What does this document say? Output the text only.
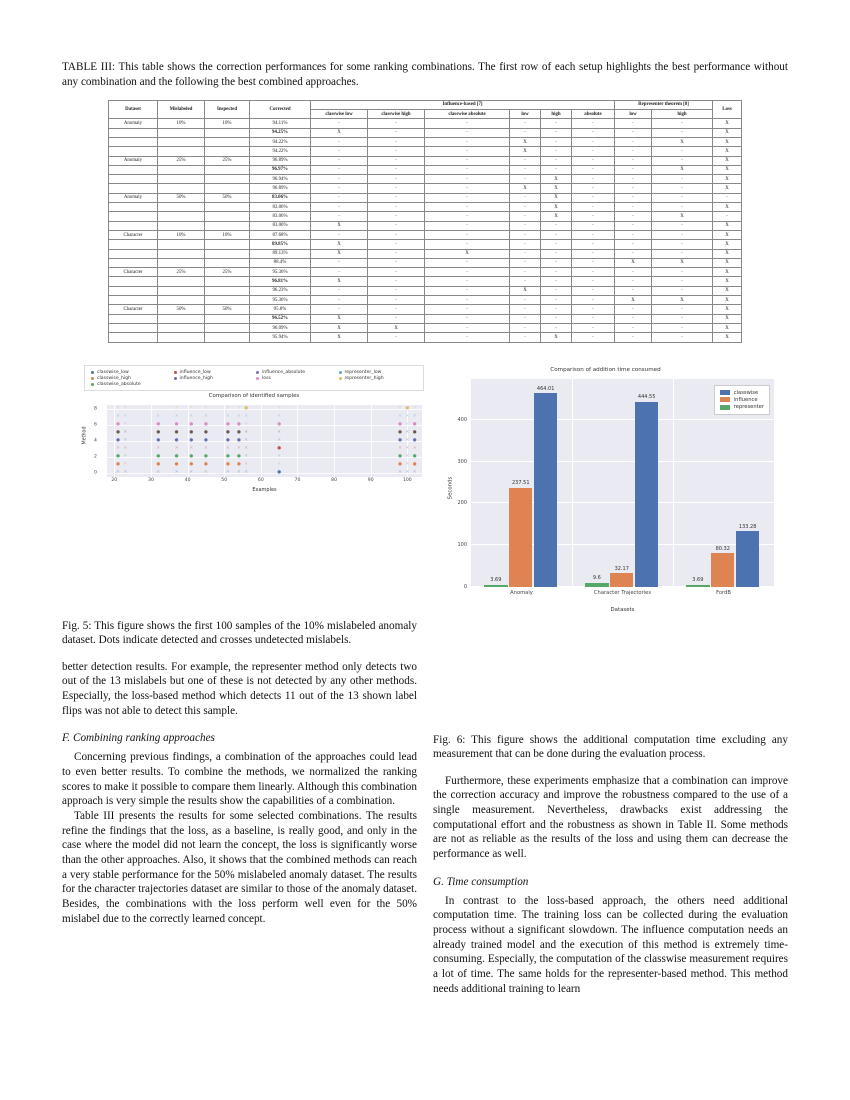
TABLE III: This table shows the correction performances for some ranking combinations. The first row of each setup highlights the best performance without any combination and the following the best combined approaches.
Dataset	Mislabeled	Inspected	Corrected	Influence-based [7]						Representer theorem [8]		Loss
				classwise low	classwise high	classwise absolute	low	high	absolute	low	high	
Anomaly	10%	10%	94.11%	-	-	-	-	-	-	-	-	X
			94.25%	X	-	-	-	-	-	-	-	X
			94.22%	-	-	-	X	-	-	-	X	X
			94.22%	-	-	-	X	-	-	-	-	X
Anomaly	25%	25%	96.89%	-	-	-	-	-	-	-	-	X
			96.97%	-	-	-	-	-	-	-	X	X
			96.94%	-	-	-	-	X	-	-	-	X
			96.89%	-	-	-	X	X	-	-	-	X
Anomaly	50%	50%	83.06%	-	-	-	-	X	-	-	-	-
			83.06%	-	-	-	-	X	-	-	-	X
			83.06%	-	-	-	-	X	-	-	X	-
			83.06%	X	-	-	-	-	-	-	-	X
Character	10%	10%	87.68%	-	-	-	-	-	-	-	-	X
			89.85%	X	-	-	-	-	-	-	-	X
			89.13%	X	-	X	-	-	-	-	-	X
			88.4%	-	-	-	-	-	-	X	X	X
Character	25%	25%	95.36%	-	-	-	-	-	-	-	-	X
			96.81%	X	-	-	-	-	-	-	-	X
			96.23%	-	-	-	X	-	-	-	-	X
			95.36%	-	-	-	-	-	-	X	X	X
Character	50%	50%	95.8%	-	-	-	-	-	-	-	-	X
			96.52%	X	-	-	-	-	-	-	-	X
			96.09%	X	X	-	-	-	-	-	-	X
			95.94%	X	-	-	-	X	-	-	-	X
classwise_low	influence_low	influence_absolute	representer_low
classwise_high	influence_high	loss	representer_high
classwise_absolute
Comparison of identified samples
Method
●
✕ ✕	✕	✕ ✕ ✕	✕ ✕ ✕	✕ ✕ ✕
●	●	● ● ●	● ●	● ●
✕	✕	✕	✕
●	●	● ● ●	● ●	● ●
✕	✕	✕	✕
●
✕ ✕	✕	✕ ✕ ✕	✕ ✕ ✕	✕ ✕ ✕
●	●	● ● ●	● ●	● ●
✕	✕	✕	✕
●	●	● ● ●	● ●	● ●
✕	✕	✕	✕
●	●	● ● ●	● ●	●	● ●
✕	✕	✕
✕ ✕	✕	✕ ✕ ✕	✕ ✕ ✕	✕	✕ ✕ ✕
●	●
✕ ✕	✕ ✕ ✕	✕ ✕	✕	✕ ✕
0
2
4
6
8
20	30	40	50	60	70	80	90	100
Examples
Comparison of addition time consumed
Seconds
3.69
237.51
464.01
9.6
32.17
444.55
3.69
80.32
133.28
0
100
200
300
400
Anomaly	Character Trajectories	FordB
classwise
influence
representer
Datasets

Fig. 5: This figure shows the first 100 samples of the 10% mislabeled anomaly dataset. Dots indicate detected and crosses undetected mislabels.

better detection results. For example, the representer method only detects two out of the 13 mislabels but one of these is not detected by any other methods. Especially, the loss-based method which detects 11 out of the 13 shown label flips was not able to detect this sample.

F. Combining ranking approaches

Concerning previous findings, a combination of the approaches could lead to even better results. To combine the methods, we normalized the ranking scores to make it possible to compare them linearly. Although this combination approach is very simple the results show the capabilities of a combination.

Table III presents the results for some selected combinations. The results refine the findings that the loss, as a baseline, is really good, and only in the case where the model did not learn the concept, the loss is significantly worse than the other approaches. Also, it shows that the combined methods can reach a very stable performance for the 50% mislabeled anomaly dataset. The results for the character trajectories dataset are similar to those of the anomaly dataset. Besides, the combinations with the loss perform well even for the 50% mislabel due to the correctly learned concept.

Fig. 6: This figure shows the additional computation time excluding any measurement that can be done during the evaluation process.

Furthermore, these experiments emphasize that a combination can improve the correction accuracy and improve the robustness compared to the use of a single measurement. Nevertheless, drawbacks exist addressing the computational effort and the robustness as shown in Table II. Some methods are not as reliable as the results of the loss and using them can decrease the performance as well.

G. Time consumption

In contrast to the loss-based approach, the others need additional computation time. The training loss can be collected during the evaluation process without a significant slowdown. The influence computation needs an already trained model and the execution of this method is extremely time-consuming. Especially, the computation of the classwise measurement requires a lot of time. The same holds for the representer-based method. This method needs additional training to learn
